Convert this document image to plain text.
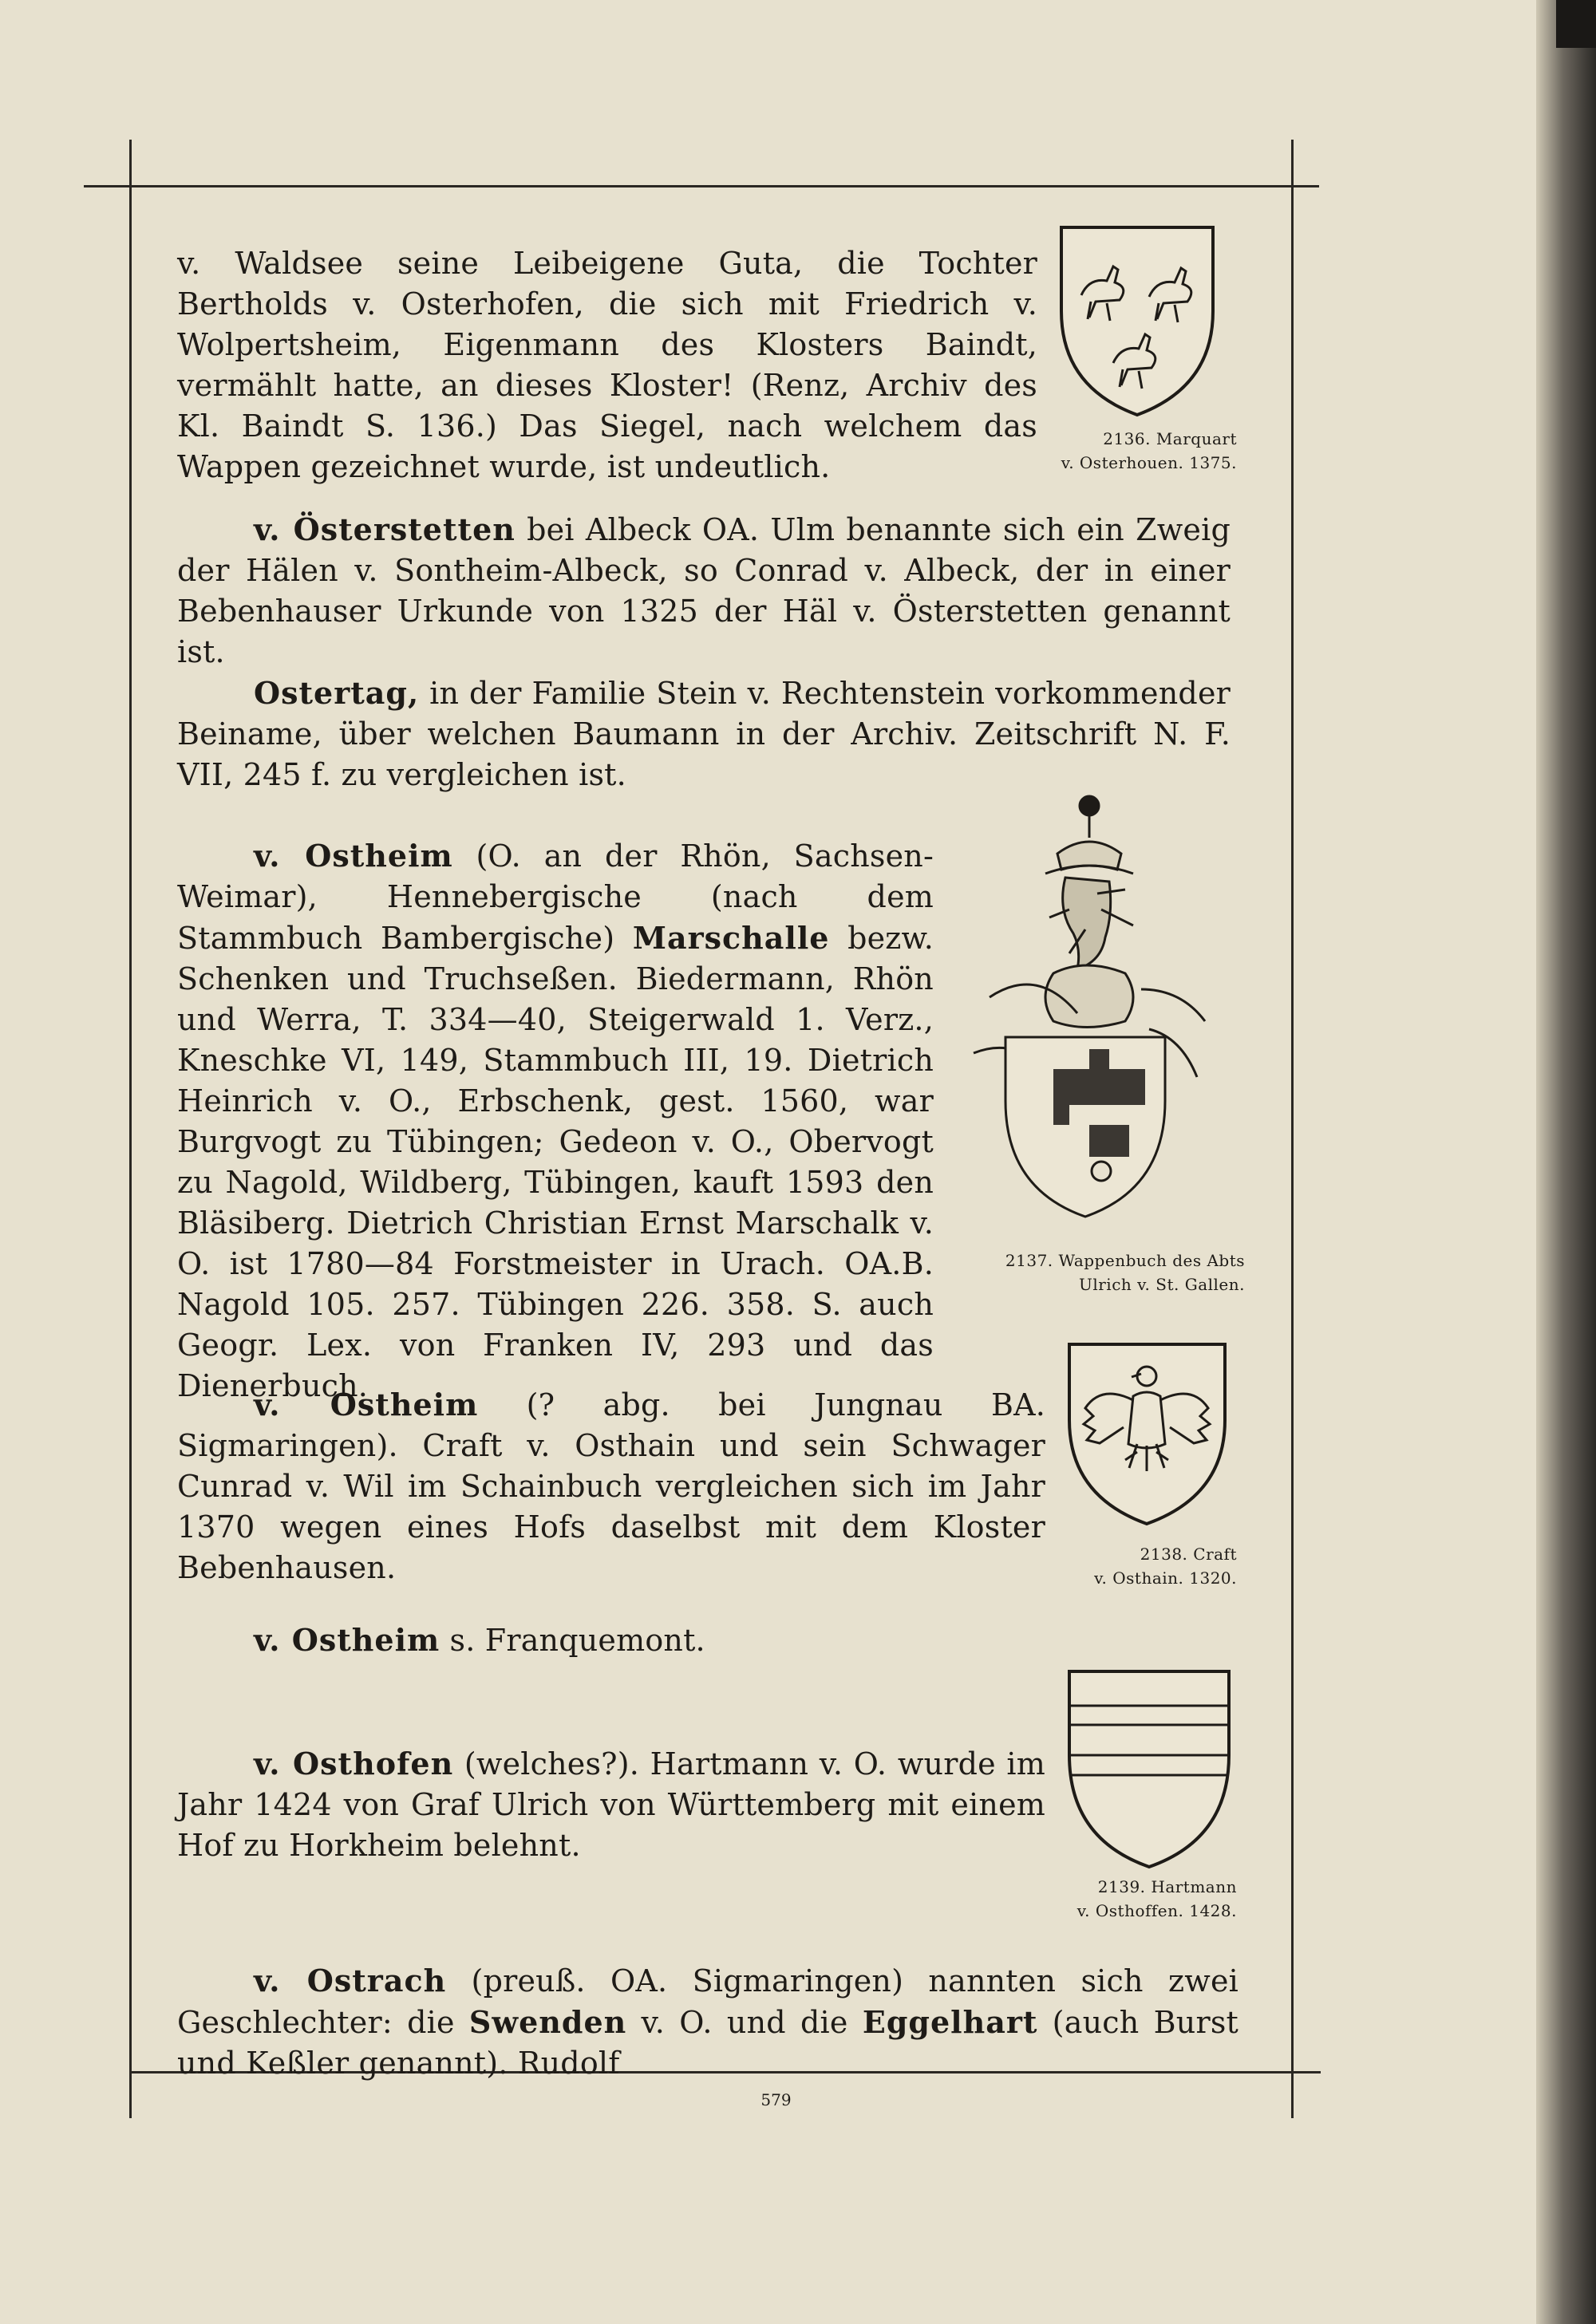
v. Waldsee seine Leibeigene Guta, die Tochter Bertholds v. Osterhofen, die sich mit Friedrich v. Wolpertsheim, Eigenmann des Klosters Baindt, vermählt hatte, an dieses Kloster! (Renz, Archiv des Kl. Baindt S. 136.) Das Siegel, nach welchem das Wappen gezeichnet wurde, ist undeutlich.

2136. Marquart
v. Osterhouen. 1375.

v. Österstetten bei Albeck OA. Ulm benannte sich ein Zweig der Hälen v. Sontheim-Albeck, so Conrad v. Albeck, der in einer Bebenhauser Urkunde von 1325 der Häl v. Österstetten genannt ist.

Ostertag, in der Familie Stein v. Rechtenstein vorkommender Beiname, über welchen Baumann in der Archiv. Zeitschrift N. F. VII, 245 f. zu vergleichen ist.

v. Ostheim (O. an der Rhön, Sachsen-Weimar), Hennebergische (nach dem Stammbuch Bambergische) Marschalle bezw. Schenken und Truchseßen. Biedermann, Rhön und Werra, T. 334—40, Steigerwald 1. Verz., Kneschke VI, 149, Stammbuch III, 19. Dietrich Heinrich v. O., Erbschenk, gest. 1560, war Burgvogt zu Tübingen; Gedeon v. O., Obervogt zu Nagold, Wildberg, Tübingen, kauft 1593 den Bläsiberg. Dietrich Christian Ernst Marschalk v. O. ist 1780—84 Forstmeister in Urach. OA.B. Nagold 105. 257. Tübingen 226. 358. S. auch Geogr. Lex. von Franken IV, 293 und das Dienerbuch.

2137. Wappenbuch des Abts
Ulrich v. St. Gallen.

v. Ostheim (? abg. bei Jungnau BA. Sigmaringen). Craft v. Osthain und sein Schwager Cunrad v. Wil im Schainbuch vergleichen sich im Jahr 1370 wegen eines Hofs daselbst mit dem Kloster Bebenhausen.	2138. Craft
v. Osthain. 1320.

v. Ostheim s. Franquemont.

2139. Hartmann
v. Osthoffen. 1428.

v. Osthofen (welches?). Hartmann v. O. wurde im Jahr 1424 von Graf Ulrich von Württemberg mit einem Hof zu Horkheim belehnt.

v. Ostrach (preuß. OA. Sigmaringen) nannten sich zwei Geschlechter: die Swenden v. O. und die Eggelhart (auch Burst und Keßler genannt). Rudolf

579
